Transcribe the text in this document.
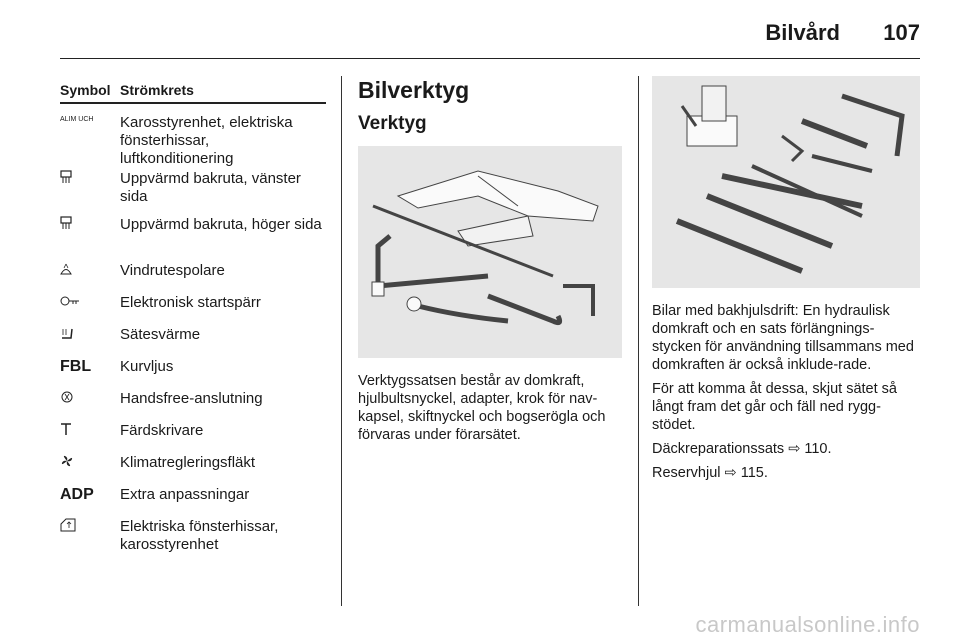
Bilvård 107
Symbol Strömkrets
ALIM UCH	Karosstyrenhet, elektriska fönsterhissar, luftkonditionering
Uppvärmd bakruta, vänster sida
Uppvärmd bakruta, höger sida
Vindrutespolare
Elektronisk startspärr
Sätesvärme
FBL	Kurvljus
Handsfree-anslutning
Färdskrivare
Klimatregleringsfläkt
ADP	Extra anpassningar
Elektriska fönsterhissar, karosstyrenhet
Bilverktyg
Verktyg
Verktygssatsen består av domkraft, hjulbultsnyckel, adapter, krok för nav-kapsel, skiftnyckel och bogserögla och förvaras under förarsätet.
Bilar med bakhjulsdrift: En hydraulisk domkraft och en sats förlängnings-stycken för användning tillsammans med domkraften är också inklude-rade.
För att komma åt dessa, skjut sätet så långt fram det går och fäll ned rygg-stödet.
Däckreparationssats ⇨ 110.
Reservhjul ⇨ 115.
carmanualsonline.info
